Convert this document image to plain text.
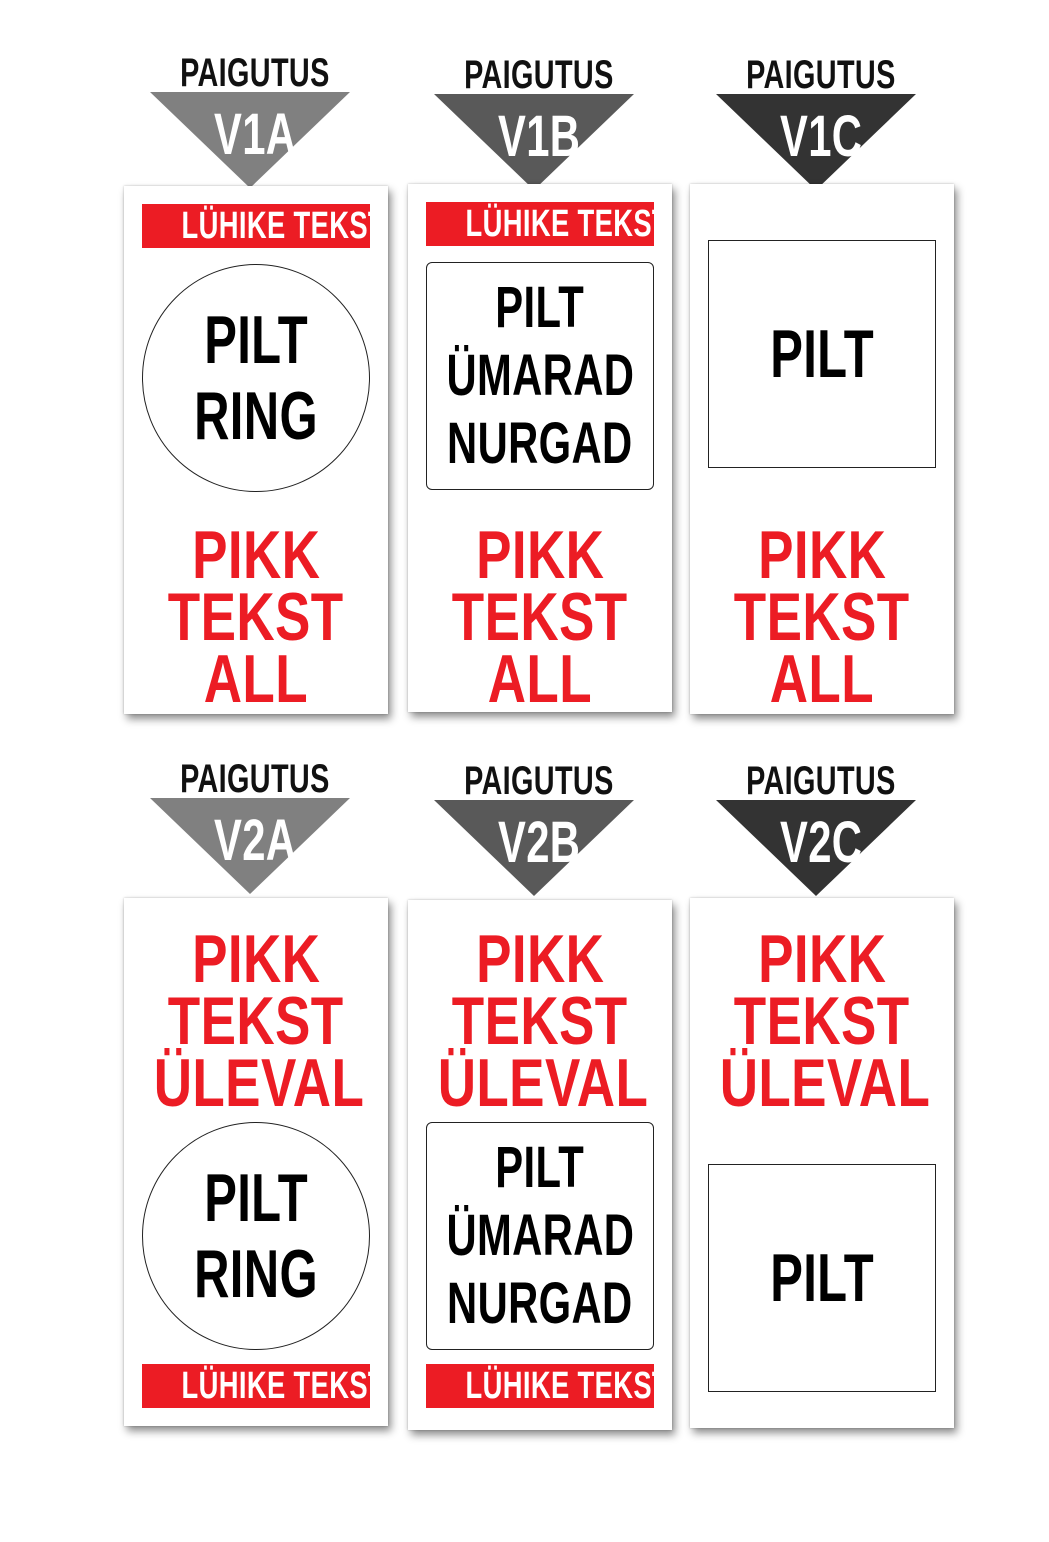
PAIGUTUS
V1A
LÜHIKE TEKST
PILT
RING
PIKK
TEKST
ALL
PAIGUTUS
V1B
LÜHIKE TEKST
PILT
ÜMARAD
NURGAD
PIKK
TEKST
ALL
PAIGUTUS
V1C
PILT
PIKK
TEKST
ALL
PAIGUTUS
V2A
PIKK
TEKST
ÜLEVAL
PILT
RING
LÜHIKE TEKST
PAIGUTUS
V2B
PIKK
TEKST
ÜLEVAL
PILT
ÜMARAD
NURGAD
LÜHIKE TEKST
PAIGUTUS
V2C
PIKK
TEKST
ÜLEVAL
PILT
